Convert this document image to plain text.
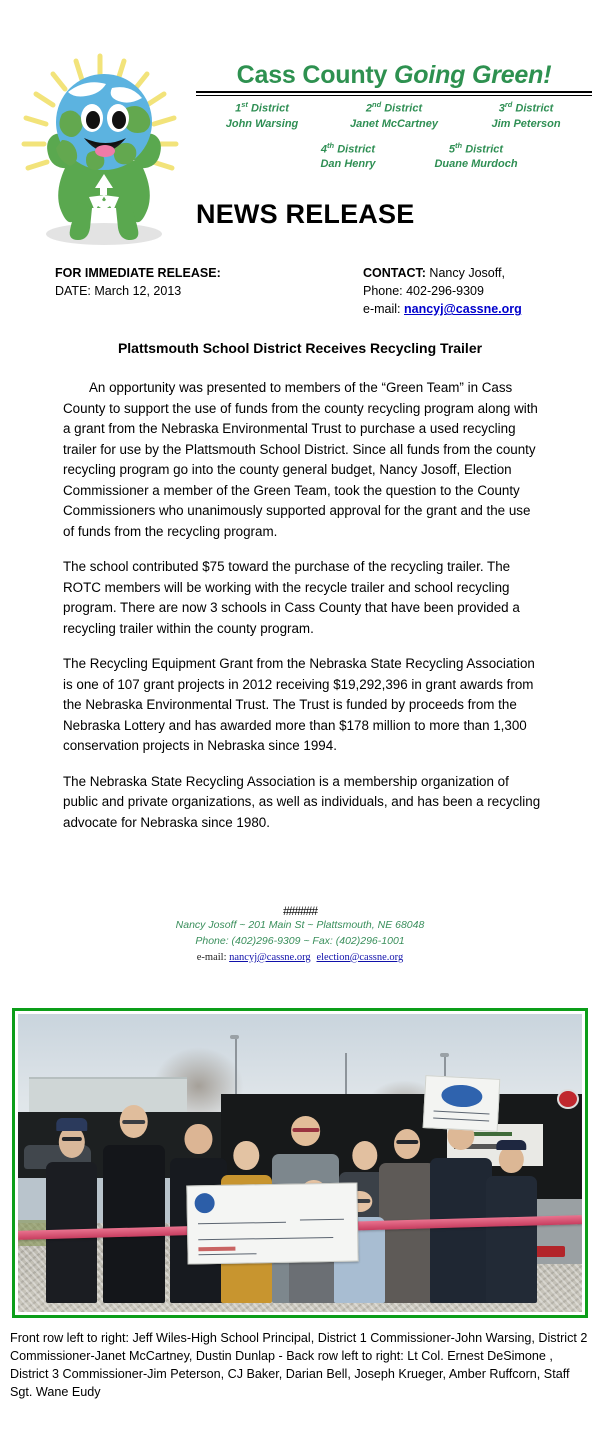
Cass County Going Green!
1st District
John Warsing
2nd District
Janet McCartney
3rd District
Jim Peterson
4th District
Dan Henry
5th District
Duane Murdoch
NEWS RELEASE
FOR IMMEDIATE RELEASE:
DATE: March 12, 2013
CONTACT: Nancy Josoff,
Phone: 402-296-9309
e-mail: nancyj@cassne.org
Plattsmouth School District Receives Recycling Trailer

An opportunity was presented to members of the “Green Team” in Cass County to support the use of funds from the county recycling program along with a grant from the Nebraska Environmental Trust to purchase a used recycling trailer for use by the Plattsmouth School District. Since all funds from the county recycling program go into the county general budget, Nancy Josoff, Election Commissioner a member of the Green Team, took the question to the County Commissioners who unanimously supported approval for the grant and the use of funds from the recycling program.

The school contributed $75 toward the purchase of the recycling trailer. The ROTC members will be working with the recycle trailer and school recycling program. There are now 3 schools in Cass County that have been provided a recycling trailer within the county program.

The Recycling Equipment Grant from the Nebraska State Recycling Association is one of 107 grant projects in 2012 receiving $19,292,396 in grant awards from the Nebraska Environmental Trust. The Trust is funded by proceeds from the Nebraska Lottery and has awarded more than $178 million to more than 1,300 conservation projects in Nebraska since 1994.

The Nebraska State Recycling Association is a membership organization of public and private organizations, as well as individuals, and has been a recycling advocate for Nebraska since 1980.

######
Nancy Josoff ~ 201 Main St ~ Plattsmouth, NE 68048
Phone: (402)296-9309 ~ Fax: (402)296-1001
e-mail: nancyj@cassne.org election@cassne.org
Front row left to right: Jeff Wiles-High School Principal, District 1 Commissioner-John Warsing, District 2 Commissioner-Janet McCartney, Dustin Dunlap - Back row left to right: Lt Col. Ernest DeSimone , District 3 Commissioner-Jim Peterson, CJ Baker, Darian Bell, Joseph Krueger, Amber Ruffcorn, Staff Sgt. Wane Eudy
